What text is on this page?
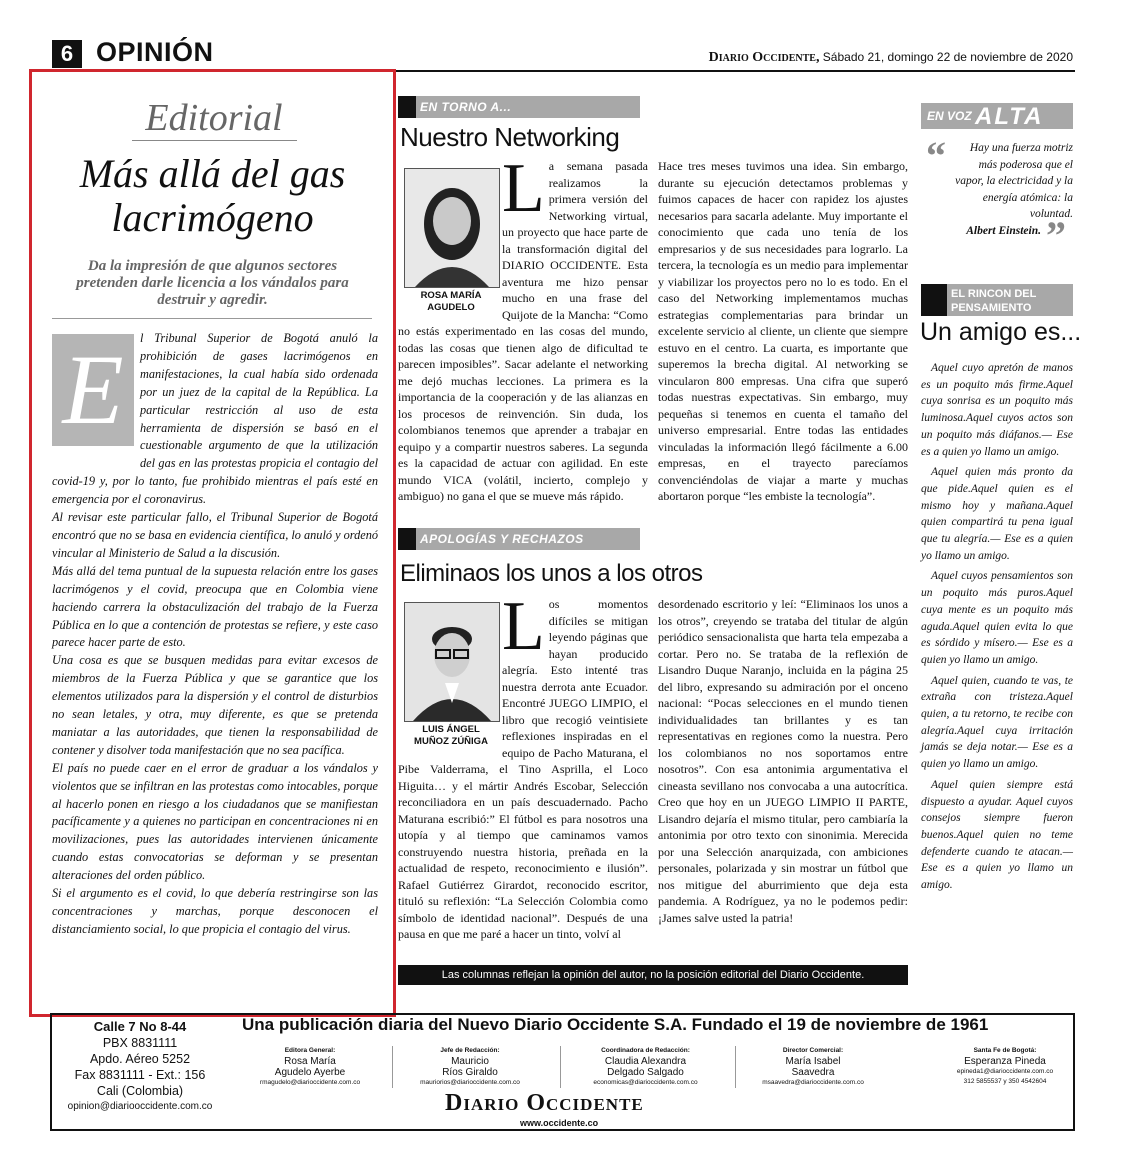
6 OPINIÓN	Diario Occidente, Sábado 21, domingo 22 de noviembre de 2020
Editorial
Más allá del gas lacrimógeno
Da la impresión de que algunos sectores pretenden darle licencia a los vándalos para destruir y agredir.

l Tribunal Superior de Bogotá anuló la prohibición de gases lacrimógenos en manifestaciones, la cual había sido ordenada por un juez de la capital de la República. La particular restricción al uso de esta herramienta de dispersión se basó en el cuestionable argumento de que la utilización del gas en las protestas propicia el contagio del covid-19 y, por lo tanto, fue prohibido mientras el país esté en emergencia por el coronavirus.

Al revisar este particular fallo, el Tribunal Superior de Bogotá encontró que no se basa en evidencia científica, lo anuló y ordenó vincular al Ministerio de Salud a la discusión.

Más allá del tema puntual de la supuesta relación entre los gases lacrimógenos y el covid, preocupa que en Colombia viene haciendo carrera la obstaculización del trabajo de la Fuerza Pública en lo que a contención de protestas se refiere, y este caso parece hacer parte de esto.

Una cosa es que se busquen medidas para evitar excesos de miembros de la Fuerza Pública y que se garantice que los elementos utilizados para la dispersión y el control de disturbios no sean letales, y otra, muy diferente, es que se pretenda maniatar a las autoridades, que tienen la responsabilidad de contener y disolver toda manifestación que no sea pacífica.

El país no puede caer en el error de graduar a los vándalos y violentos que se infiltran en las protestas como intocables, porque al hacerlo ponen en riesgo a los ciudadanos que se manifiestan pacíficamente y a quienes no participan en concentraciones ni en movilizaciones, pues las autoridades intervienen únicamente cuando estas convocatorias se deforman y se presentan alteraciones del orden público.

Si el argumento es el covid, lo que debería restringirse son las concentraciones y marchas, porque desconocen el distanciamiento social, lo que propicia el contagio del virus.

E
EN TORNO A...
Nuestro Networking
ROSA MARÍA
AGUDELO
La semana pasada realizamos la primera versión del Networking virtual, un proyecto que hace parte de la transformación digital del DIARIO OCCIDENTE. Esta aventura me hizo pensar mucho en una frase del Quijote de la Mancha: “Como no estás experimentado en las cosas del mundo, todas las cosas que tienen algo de dificultad te parecen imposibles”. Sacar adelante el networking me dejó muchas lecciones. La primera es la importancia de la cooperación y de las alianzas en los procesos de reinvención. Sin duda, los colombianos tenemos que aprender a trabajar en equipo y a compartir nuestros saberes. La segunda es la capacidad de actuar con agilidad. En este mundo VICA (volátil, incierto, complejo y ambiguo) no gana el que se mueve más rápido.
Hace tres meses tuvimos una idea. Sin embargo, durante su ejecución detectamos problemas y fuimos capaces de hacer con rapidez los ajustes necesarios para sacarla adelante. Muy importante el conocimiento que cada uno tenía de los empresarios y de sus necesidades para lograrlo. La tercera, la tecnología es un medio para implementar y viabilizar los proyectos pero no lo es todo. En el caso del Networking implementamos muchas estrategias complementarias para brindar un excelente servicio al cliente, un cliente que siempre estuvo en el centro. La cuarta, es importante que superemos la brecha digital. Al networking se vincularon 800 empresas. Una cifra que superó todas nuestras expectativas. Sin embargo, muy pequeñas si tenemos en cuenta el tamaño del universo empresarial. Entre todas las entidades vinculadas la información llegó fácilmente a 6.00 empresas, en el trayecto parecíamos convenciéndolas de viajar a marte y muchas abortaron porque “les embiste la tecnología”.
APOLOGÍAS Y RECHAZOS
Eliminaos los unos a los otros
LUIS ÁNGEL
MUÑOZ ZÚÑIGA
Los momentos difíciles se mitigan leyendo páginas que hayan producido alegría. Esto intenté tras nuestra derrota ante Ecuador. Encontré JUEGO LIMPIO, el libro que recogió veintisiete reflexiones inspiradas en el equipo de Pacho Maturana, el Pibe Valderrama, el Tino Asprilla, el Loco Higuita… y el mártir Andrés Escobar, Selección reconciliadora en un país descuadernado. Pacho Maturana escribió:” El fútbol es para nosotros una utopía y al tiempo que caminamos vamos construyendo nuestra historia, preñada en la actualidad de respeto, reconocimiento e ilusión”. Rafael Gutiérrez Girardot, reconocido escritor, tituló su reflexión: “La Selección Colombia como símbolo de identidad nacional”. Después de una pausa en que me paré a hacer un tinto, volví al
desordenado escritorio y leí: “Eliminaos los unos a los otros”, creyendo se trataba del titular de algún periódico sensacionalista que harta tela empezaba a cortar. Pero no. Se trataba de la reflexión de Lisandro Duque Naranjo, incluida en la página 25 del libro, expresando su admiración por el onceno nacional: “Pocas selecciones en el mundo tienen individualidades tan brillantes y es tan representativas en regiones como la nuestra. Pero los colombianos no nos soportamos entre nosotros”. Con esa antonimia argumentativa el cineasta sevillano nos convocaba a una autocrítica. Creo que hoy en un JUEGO LIMPIO II PARTE, Lisandro dejaría el mismo titular, pero cambiaría la antonimia por otro texto con sinonimia. Merecida por una Selección anarquizada, con ambiciones personales, polarizada y sin mostrar un fútbol que nos mitigue del aburrimiento que deja esta pandemia. A Rodríguez, ya no le podemos pedir: ¡James salve usted la patria!
Las columnas reflejan la opinión del autor, no la posición editorial del Diario Occidente.
EN VOZ ALTA
“	Hay una fuerza motriz más poderosa que el vapor, la electricidad y la energía atómica: la voluntad.
Albert Einstein. ”
EL RINCON DEL
PENSAMIENTO
Un amigo es...

Aquel cuyo apretón de manos es un poquito más firme.Aquel cuya sonrisa es un poquito más luminosa.Aquel cuyos actos son un poquito más diáfanos.— Ese es a quien yo llamo un amigo.

Aquel quien más pronto da que pide.Aquel quien es el mismo hoy y mañana.Aquel quien compartirá tu pena igual que tu alegría.— Ese es a quien yo llamo un amigo.

Aquel cuyos pensamientos son un poquito más puros.Aquel cuya mente es un poquito más aguda.Aquel quien evita lo que es sórdido y mísero.— Ese es a quien yo llamo un amigo.

Aquel quien, cuando te vas, te extraña con tristeza.Aquel quien, a tu retorno, te recibe con alegría.Aquel cuya irritación jamás se deja notar.— Ese es a quien yo llamo un amigo.

Aquel quien siempre está dispuesto a ayudar. Aquel cuyos consejos siempre fueron buenos.Aquel quien no teme defenderte cuando te atacan.— Ese es a quien yo llamo un amigo.

Calle 7 No 8-44
PBX 8831111
Apdo. Aéreo 5252
Fax 8831111 - Ext.: 156
Cali (Colombia)
opinion@diariooccidente.com.co
Una publicación diaria del Nuevo Diario Occidente S.A. Fundado el 19 de noviembre de 1961
Editora General:
Rosa María
Agudelo Ayerbe
rmagudelo@diarioccidente.com.co
Jefe de Redacción:
Mauricio
Ríos Giraldo
mauriorios@diarioccidente.com.co
Coordinadora de Redacción:
Claudia Alexandra
Delgado Salgado
economicas@diarioccidente.com.co
Director Comercial:
María Isabel
Saavedra
msaavedra@diarioccidente.com.co
Santa Fe de Bogotá:
Esperanza Pineda
epineda1@diarioccidente.com.co
312 5855537 y 350 4542604
Diario Occidente
www.occidente.co
